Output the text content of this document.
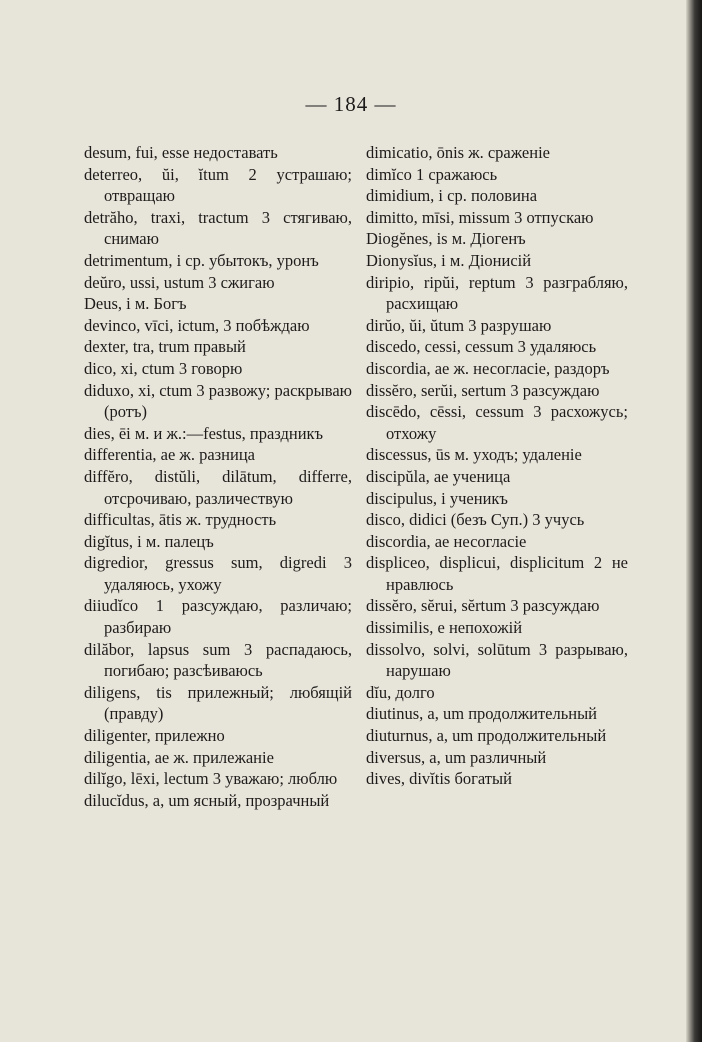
— 184 —
desum, fui, esse недоставать
deterreo, ŭi, ĭtum 2 устрашаю; отвращаю
detrăho, traxi, tractum 3 стягиваю, снимаю
detrimentum, i ср. убытокъ, уронъ
deŭro, ussi, ustum 3 сжигаю
Deus, i м. Богъ
devinco, vīci, ictum, 3 побѣждаю
dexter, tra, trum правый
dico, xi, ctum 3 говорю
diduxo, xi, ctum 3 развожу; раскрываю (ротъ)
dies, ēi м. и ж.:—festus, праздникъ
differentia, ae ж. разница
diffĕro, distŭli, dilātum, differre, отсрочиваю, различествую
difficultas, ātis ж. трудность
digĭtus, i м. палецъ
digredior, gressus sum, digredi 3 удаляюсь, ухожу
diiudĭco 1 разсуждаю, различаю; разбираю
dilăbor, lapsus sum 3 распадаюсь, погибаю; разсѣиваюсь
diligens, tis прилежный; любящій (правду)
diligenter, прилежно
diligentia, ae ж. прилежаніе
dilĭgo, lēxi, lectum 3 уважаю; люблю
dilucĭdus, a, um ясный, прозрачный
dimicatio, ōnis ж. сраженіе
dimĭco 1 сражаюсь
dimidium, i ср. половина
dimitto, mīsi, missum 3 отпускаю
Diogĕnes, is м. Діогенъ
Dionysĭus, i м. Діонисій
diripio, ripŭi, reptum 3 разграбляю, расхищаю
dirŭo, ŭi, ŭtum 3 разрушаю
discedo, cessi, cessum 3 удаляюсь
discordia, ae ж. несогласіе, раздоръ
dissĕro, serŭi, sertum 3 разсуждаю
discēdo, cēssi, cessum 3 расхожусь; отхожу
discessus, ūs м. уходъ; удаленіе
discipŭla, ae ученица
discipulus, i ученикъ
disco, didici (безъ Суп.) 3 учусь
discordia, ae несогласіе
displiceo, displicui, displicitum 2 не нравлюсь
dissĕro, sĕrui, sĕrtum 3 разсуждаю
dissimilis, e непохожій
dissolvo, solvi, solūtum 3 разрываю, нарушаю
dĭu, долго
diutinus, a, um продолжительный
diuturnus, a, um продолжительный
diversus, a, um различный
dives, divĭtis богатый
